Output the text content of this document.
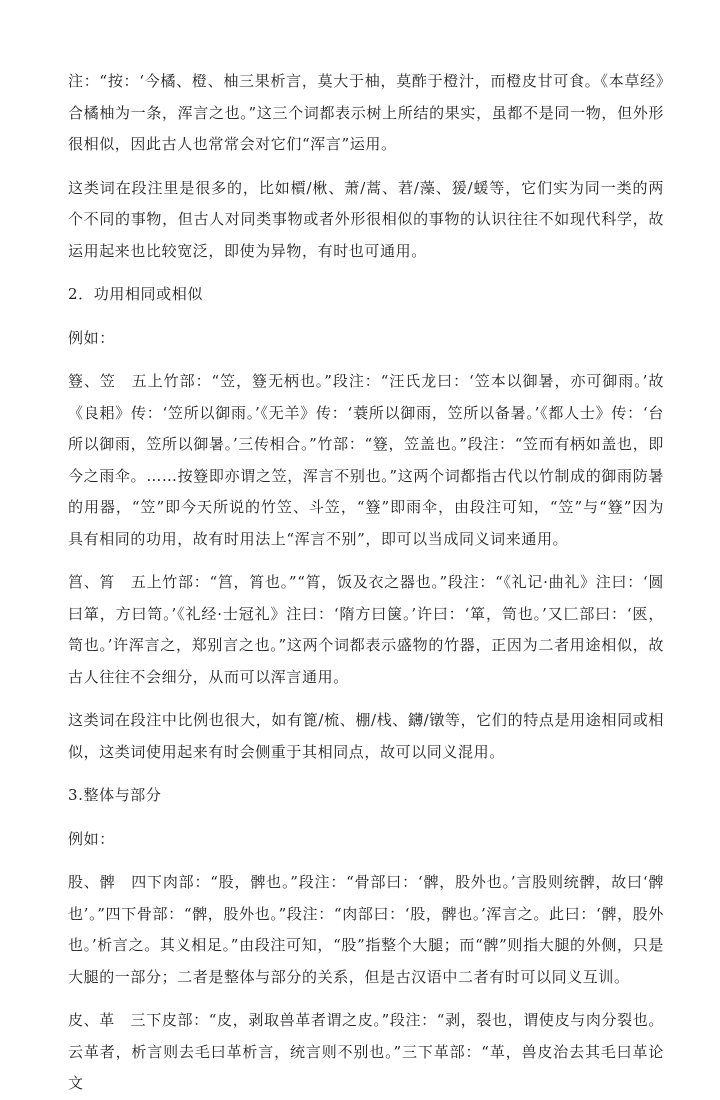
注：“按：‘今橘、橙、柚三果析言，莫大于柚，莫酢于橙汁，而橙皮甘可食。《本草经》合橘柚为一条，浑言之也。”这三个词都表示树上所结的果实，虽都不是同一物，但外形很相似，因此古人也常常会对它们“浑言”运用。

这类词在段注里是很多的，比如檟/楸、萧/蒿、莙/藻、猨/蝯等，它们实为同一类的两个不同的事物，但古人对同类事物或者外形很相似的事物的认识往往不如现代科学，故运用起来也比较宽泛，即使为异物，有时也可通用。

2．功用相同或相似

例如：

簦、笠　五上竹部：“笠，簦无柄也。”段注：“汪氏龙曰：‘笠本以御暑，亦可御雨。’故《良耜》传：‘笠所以御雨。’《无羊》传：‘蓑所以御雨，笠所以备暑。’《都人士》传：‘台所以御雨，笠所以御暑。’三传相合。”竹部：“簦，笠盖也。”段注：“笠而有柄如盖也，即今之雨伞。……按簦即亦谓之笠，浑言不别也。”这两个词都指古代以竹制成的御雨防暑的用器，“笠”即今天所说的竹笠、斗笠，“簦”即雨伞，由段注可知，“笠”与“簦”因为具有相同的功用，故有时用法上“浑言不别”，即可以当成同义词来通用。

筥、筲　五上竹部：“筥，筲也。”“筲，饭及衣之器也。”段注：“《礼记·曲礼》注曰：‘圆曰箪，方曰笥。’《礼经·士冠礼》注曰：‘隋方曰箧。’许曰：‘箪，笥也。’又匚部曰：‘匧，笥也。’许浑言之，郑别言之也。”这两个词都表示盛物的竹器，正因为二者用途相似，故古人往往不会细分，从而可以浑言通用。

这类词在段注中比例也很大，如有篦/梳、棚/栈、鑮/镦等，它们的特点是用途相同或相似，这类词使用起来有时会侧重于其相同点，故可以同义混用。

3.整体与部分

例如：

股、髀　四下肉部：“股，髀也。”段注：“骨部曰：‘髀，股外也。’言股则统髀，故曰‘髀也’。”四下骨部：“髀，股外也。”段注：“肉部曰：‘股，髀也。’浑言之。此曰：‘髀，股外也。’析言之。其义相足。”由段注可知，“股”指整个大腿；而“髀”则指大腿的外侧，只是大腿的一部分；二者是整体与部分的关系，但是古汉语中二者有时可以同义互训。

皮、革　三下皮部：“皮，剥取兽革者谓之皮。”段注：“剥，裂也，谓使皮与肉分裂也。云革者，析言则去毛曰革析言，统言则不别也。”三下革部：“革，兽皮治去其毛曰革论文
